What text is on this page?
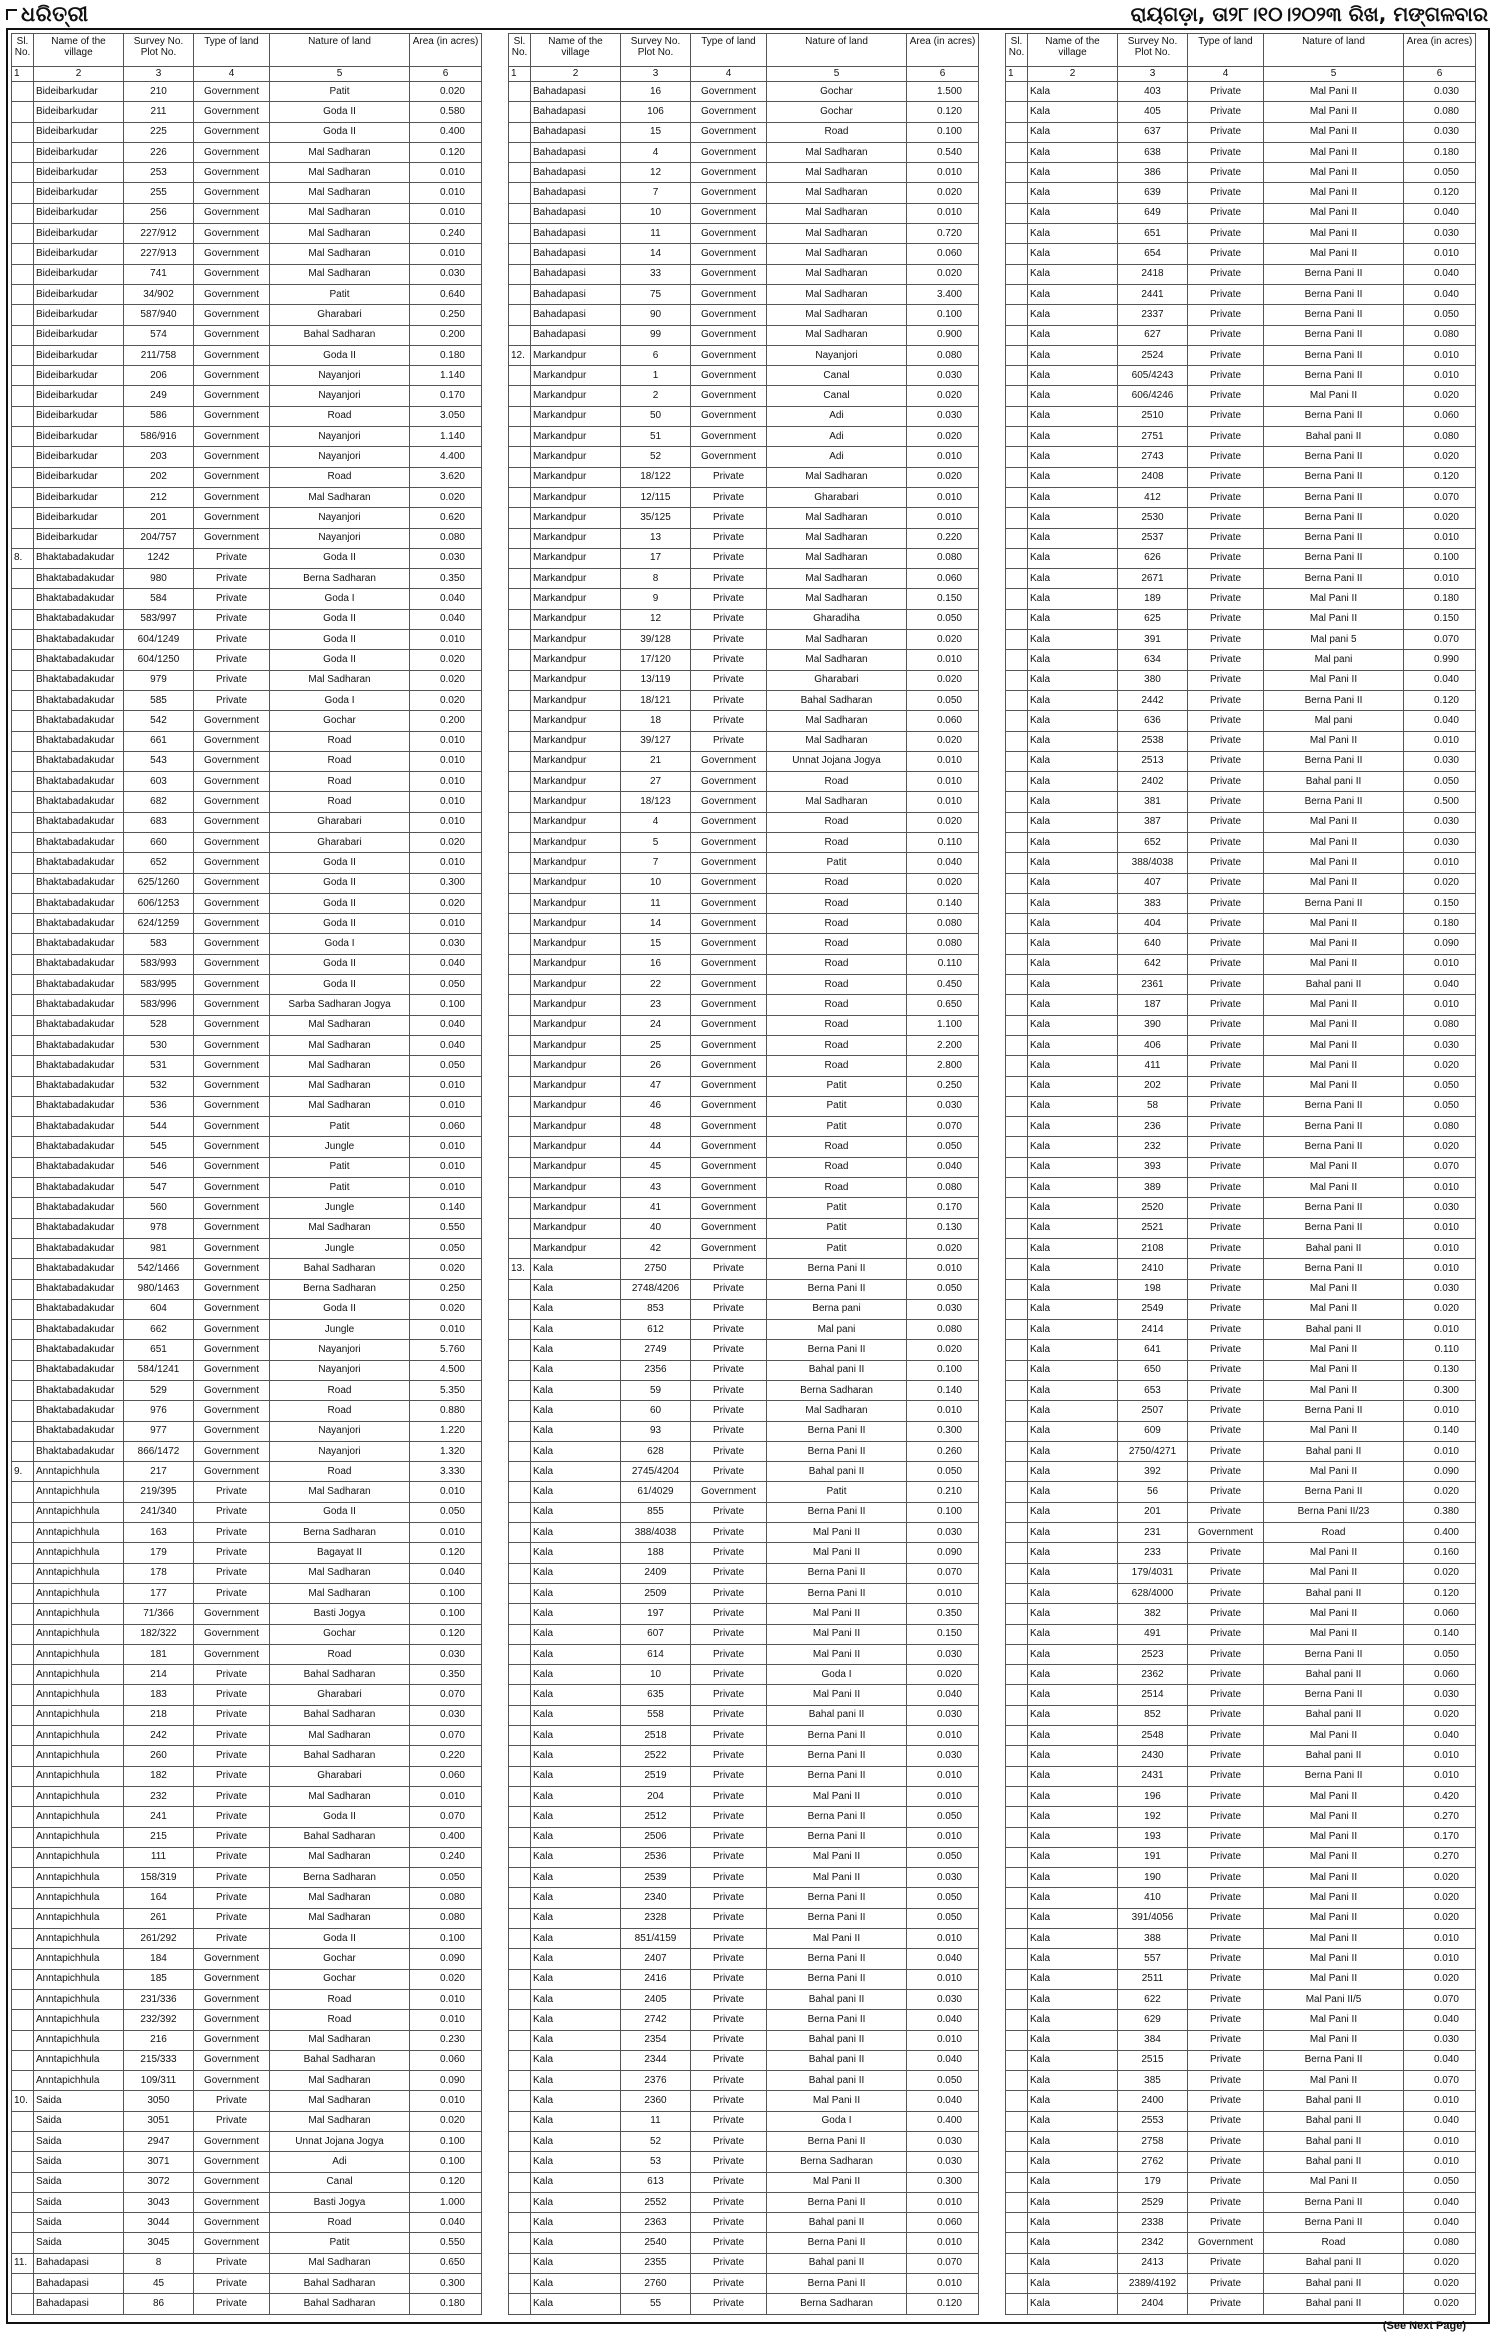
ଧରିତ୍ରୀ	ରାୟଗଡ଼ା, ତା୨୮।୧୦।୨୦୨୩ ରିଖ, ମଙ୍ଗଳବାର
Sl. No.	Name of the village	Survey No. Plot No.	Type of land	Nature of land	Area (in acres)
1	2	3	4	5	6
	Bideibarkudar	210	Government	Patit	0.020
	Bideibarkudar	211	Government	Goda II	0.580
	Bideibarkudar	225	Government	Goda II	0.400
	Bideibarkudar	226	Government	Mal Sadharan	0.120
	Bideibarkudar	253	Government	Mal Sadharan	0.010
	Bideibarkudar	255	Government	Mal Sadharan	0.010
	Bideibarkudar	256	Government	Mal Sadharan	0.010
	Bideibarkudar	227/912	Government	Mal Sadharan	0.240
	Bideibarkudar	227/913	Government	Mal Sadharan	0.010
	Bideibarkudar	741	Government	Mal Sadharan	0.030
	Bideibarkudar	34/902	Government	Patit	0.640
	Bideibarkudar	587/940	Government	Gharabari	0.250
	Bideibarkudar	574	Government	Bahal Sadharan	0.200
	Bideibarkudar	211/758	Government	Goda II	0.180
	Bideibarkudar	206	Government	Nayanjori	1.140
	Bideibarkudar	249	Government	Nayanjori	0.170
	Bideibarkudar	586	Government	Road	3.050
	Bideibarkudar	586/916	Government	Nayanjori	1.140
	Bideibarkudar	203	Government	Nayanjori	4.400
	Bideibarkudar	202	Government	Road	3.620
	Bideibarkudar	212	Government	Mal Sadharan	0.020
	Bideibarkudar	201	Government	Nayanjori	0.620
	Bideibarkudar	204/757	Government	Nayanjori	0.080
8.	Bhaktabadakudar	1242	Private	Goda II	0.030
	Bhaktabadakudar	980	Private	Berna Sadharan	0.350
	Bhaktabadakudar	584	Private	Goda I	0.040
	Bhaktabadakudar	583/997	Private	Goda II	0.040
	Bhaktabadakudar	604/1249	Private	Goda II	0.010
	Bhaktabadakudar	604/1250	Private	Goda II	0.020
	Bhaktabadakudar	979	Private	Mal Sadharan	0.020
	Bhaktabadakudar	585	Private	Goda I	0.020
	Bhaktabadakudar	542	Government	Gochar	0.200
	Bhaktabadakudar	661	Government	Road	0.010
	Bhaktabadakudar	543	Government	Road	0.010
	Bhaktabadakudar	603	Government	Road	0.010
	Bhaktabadakudar	682	Government	Road	0.010
	Bhaktabadakudar	683	Government	Gharabari	0.010
	Bhaktabadakudar	660	Government	Gharabari	0.020
	Bhaktabadakudar	652	Government	Goda II	0.010
	Bhaktabadakudar	625/1260	Government	Goda II	0.300
	Bhaktabadakudar	606/1253	Government	Goda II	0.020
	Bhaktabadakudar	624/1259	Government	Goda II	0.010
	Bhaktabadakudar	583	Government	Goda I	0.030
	Bhaktabadakudar	583/993	Government	Goda II	0.040
	Bhaktabadakudar	583/995	Government	Goda II	0.050
	Bhaktabadakudar	583/996	Government	Sarba Sadharan Jogya	0.100
	Bhaktabadakudar	528	Government	Mal Sadharan	0.040
	Bhaktabadakudar	530	Government	Mal Sadharan	0.040
	Bhaktabadakudar	531	Government	Mal Sadharan	0.050
	Bhaktabadakudar	532	Government	Mal Sadharan	0.010
	Bhaktabadakudar	536	Government	Mal Sadharan	0.010
	Bhaktabadakudar	544	Government	Patit	0.060
	Bhaktabadakudar	545	Government	Jungle	0.010
	Bhaktabadakudar	546	Government	Patit	0.010
	Bhaktabadakudar	547	Government	Patit	0.010
	Bhaktabadakudar	560	Government	Jungle	0.140
	Bhaktabadakudar	978	Government	Mal Sadharan	0.550
	Bhaktabadakudar	981	Government	Jungle	0.050
	Bhaktabadakudar	542/1466	Government	Bahal Sadharan	0.020
	Bhaktabadakudar	980/1463	Government	Berna Sadharan	0.250
	Bhaktabadakudar	604	Government	Goda II	0.020
	Bhaktabadakudar	662	Government	Jungle	0.010
	Bhaktabadakudar	651	Government	Nayanjori	5.760
	Bhaktabadakudar	584/1241	Government	Nayanjori	4.500
	Bhaktabadakudar	529	Government	Road	5.350
	Bhaktabadakudar	976	Government	Road	0.880
	Bhaktabadakudar	977	Government	Nayanjori	1.220
	Bhaktabadakudar	866/1472	Government	Nayanjori	1.320
9.	Anntapichhula	217	Government	Road	3.330
	Anntapichhula	219/395	Private	Mal Sadharan	0.010
	Anntapichhula	241/340	Private	Goda II	0.050
	Anntapichhula	163	Private	Berna Sadharan	0.010
	Anntapichhula	179	Private	Bagayat II	0.120
	Anntapichhula	178	Private	Mal Sadharan	0.040
	Anntapichhula	177	Private	Mal Sadharan	0.100
	Anntapichhula	71/366	Government	Basti Jogya	0.100
	Anntapichhula	182/322	Government	Gochar	0.120
	Anntapichhula	181	Government	Road	0.030
	Anntapichhula	214	Private	Bahal Sadharan	0.350
	Anntapichhula	183	Private	Gharabari	0.070
	Anntapichhula	218	Private	Bahal Sadharan	0.030
	Anntapichhula	242	Private	Mal Sadharan	0.070
	Anntapichhula	260	Private	Bahal Sadharan	0.220
	Anntapichhula	182	Private	Gharabari	0.060
	Anntapichhula	232	Private	Mal Sadharan	0.010
	Anntapichhula	241	Private	Goda II	0.070
	Anntapichhula	215	Private	Bahal Sadharan	0.400
	Anntapichhula	111	Private	Mal Sadharan	0.240
	Anntapichhula	158/319	Private	Berna Sadharan	0.050
	Anntapichhula	164	Private	Mal Sadharan	0.080
	Anntapichhula	261	Private	Mal Sadharan	0.080
	Anntapichhula	261/292	Private	Goda II	0.100
	Anntapichhula	184	Government	Gochar	0.090
	Anntapichhula	185	Government	Gochar	0.020
	Anntapichhula	231/336	Government	Road	0.010
	Anntapichhula	232/392	Government	Road	0.010
	Anntapichhula	216	Government	Mal Sadharan	0.230
	Anntapichhula	215/333	Government	Bahal Sadharan	0.060
	Anntapichhula	109/311	Government	Mal Sadharan	0.090
10.	Saida	3050	Private	Mal Sadharan	0.010
	Saida	3051	Private	Mal Sadharan	0.020
	Saida	2947	Government	Unnat Jojana Jogya	0.100
	Saida	3071	Government	Adi	0.100
	Saida	3072	Government	Canal	0.120
	Saida	3043	Government	Basti Jogya	1.000
	Saida	3044	Government	Road	0.040
	Saida	3045	Government	Patit	0.550
11.	Bahadapasi	8	Private	Mal Sadharan	0.650
	Bahadapasi	45	Private	Bahal Sadharan	0.300
	Bahadapasi	86	Private	Bahal Sadharan	0.180
Sl. No.	Name of the village	Survey No. Plot No.	Type of land	Nature of land	Area (in acres)
1	2	3	4	5	6
	Bahadapasi	16	Government	Gochar	1.500
	Bahadapasi	106	Government	Gochar	0.120
	Bahadapasi	15	Government	Road	0.100
	Bahadapasi	4	Government	Mal Sadharan	0.540
	Bahadapasi	12	Government	Mal Sadharan	0.010
	Bahadapasi	7	Government	Mal Sadharan	0.020
	Bahadapasi	10	Government	Mal Sadharan	0.010
	Bahadapasi	11	Government	Mal Sadharan	0.720
	Bahadapasi	14	Government	Mal Sadharan	0.060
	Bahadapasi	33	Government	Mal Sadharan	0.020
	Bahadapasi	75	Government	Mal Sadharan	3.400
	Bahadapasi	90	Government	Mal Sadharan	0.100
	Bahadapasi	99	Government	Mal Sadharan	0.900
12.	Markandpur	6	Government	Nayanjori	0.080
	Markandpur	1	Government	Canal	0.030
	Markandpur	2	Government	Canal	0.020
	Markandpur	50	Government	Adi	0.030
	Markandpur	51	Government	Adi	0.020
	Markandpur	52	Government	Adi	0.010
	Markandpur	18/122	Private	Mal Sadharan	0.020
	Markandpur	12/115	Private	Gharabari	0.010
	Markandpur	35/125	Private	Mal Sadharan	0.010
	Markandpur	13	Private	Mal Sadharan	0.220
	Markandpur	17	Private	Mal Sadharan	0.080
	Markandpur	8	Private	Mal Sadharan	0.060
	Markandpur	9	Private	Mal Sadharan	0.150
	Markandpur	12	Private	Gharadiha	0.050
	Markandpur	39/128	Private	Mal Sadharan	0.020
	Markandpur	17/120	Private	Mal Sadharan	0.010
	Markandpur	13/119	Private	Gharabari	0.020
	Markandpur	18/121	Private	Bahal Sadharan	0.050
	Markandpur	18	Private	Mal Sadharan	0.060
	Markandpur	39/127	Private	Mal Sadharan	0.020
	Markandpur	21	Government	Unnat Jojana Jogya	0.010
	Markandpur	27	Government	Road	0.010
	Markandpur	18/123	Government	Mal Sadharan	0.010
	Markandpur	4	Government	Road	0.020
	Markandpur	5	Government	Road	0.110
	Markandpur	7	Government	Patit	0.040
	Markandpur	10	Government	Road	0.020
	Markandpur	11	Government	Road	0.140
	Markandpur	14	Government	Road	0.080
	Markandpur	15	Government	Road	0.080
	Markandpur	16	Government	Road	0.110
	Markandpur	22	Government	Road	0.450
	Markandpur	23	Government	Road	0.650
	Markandpur	24	Government	Road	1.100
	Markandpur	25	Government	Road	2.200
	Markandpur	26	Government	Road	2.800
	Markandpur	47	Government	Patit	0.250
	Markandpur	46	Government	Patit	0.030
	Markandpur	48	Government	Patit	0.070
	Markandpur	44	Government	Road	0.050
	Markandpur	45	Government	Road	0.040
	Markandpur	43	Government	Road	0.080
	Markandpur	41	Government	Patit	0.170
	Markandpur	40	Government	Patit	0.130
	Markandpur	42	Government	Patit	0.020
13.	Kala	2750	Private	Berna Pani II	0.010
	Kala	2748/4206	Private	Berna Pani II	0.050
	Kala	853	Private	Berna pani	0.030
	Kala	612	Private	Mal pani	0.080
	Kala	2749	Private	Berna Pani II	0.020
	Kala	2356	Private	Bahal pani II	0.100
	Kala	59	Private	Berna Sadharan	0.140
	Kala	60	Private	Mal Sadharan	0.010
	Kala	93	Private	Berna Pani II	0.300
	Kala	628	Private	Berna Pani II	0.260
	Kala	2745/4204	Private	Bahal pani II	0.050
	Kala	61/4029	Government	Patit	0.210
	Kala	855	Private	Berna Pani II	0.100
	Kala	388/4038	Private	Mal Pani II	0.030
	Kala	188	Private	Mal Pani II	0.090
	Kala	2409	Private	Berna Pani II	0.070
	Kala	2509	Private	Berna Pani II	0.010
	Kala	197	Private	Mal Pani II	0.350
	Kala	607	Private	Mal Pani II	0.150
	Kala	614	Private	Mal Pani II	0.030
	Kala	10	Private	Goda I	0.020
	Kala	635	Private	Mal Pani II	0.040
	Kala	558	Private	Bahal pani II	0.030
	Kala	2518	Private	Berna Pani II	0.010
	Kala	2522	Private	Berna Pani II	0.030
	Kala	2519	Private	Berna Pani II	0.010
	Kala	204	Private	Mal Pani II	0.010
	Kala	2512	Private	Berna Pani II	0.050
	Kala	2506	Private	Berna Pani II	0.010
	Kala	2536	Private	Mal Pani II	0.050
	Kala	2539	Private	Mal Pani II	0.030
	Kala	2340	Private	Berna Pani II	0.050
	Kala	2328	Private	Berna Pani II	0.050
	Kala	851/4159	Private	Mal Pani II	0.010
	Kala	2407	Private	Berna Pani II	0.040
	Kala	2416	Private	Berna Pani II	0.010
	Kala	2405	Private	Bahal pani II	0.030
	Kala	2742	Private	Berna Pani II	0.040
	Kala	2354	Private	Bahal pani II	0.010
	Kala	2344	Private	Bahal pani II	0.040
	Kala	2376	Private	Bahal pani II	0.050
	Kala	2360	Private	Mal Pani II	0.040
	Kala	11	Private	Goda I	0.400
	Kala	52	Private	Berna Pani II	0.030
	Kala	53	Private	Berna Sadharan	0.030
	Kala	613	Private	Mal Pani II	0.300
	Kala	2552	Private	Berna Pani II	0.010
	Kala	2363	Private	Bahal pani II	0.060
	Kala	2540	Private	Berna Pani II	0.010
	Kala	2355	Private	Bahal pani II	0.070
	Kala	2760	Private	Berna Pani II	0.010
	Kala	55	Private	Berna Sadharan	0.120
Sl. No.	Name of the village	Survey No. Plot No.	Type of land	Nature of land	Area (in acres)
1	2	3	4	5	6
	Kala	403	Private	Mal Pani II	0.030
	Kala	405	Private	Mal Pani II	0.080
	Kala	637	Private	Mal Pani II	0.030
	Kala	638	Private	Mal Pani II	0.180
	Kala	386	Private	Mal Pani II	0.050
	Kala	639	Private	Mal Pani II	0.120
	Kala	649	Private	Mal Pani II	0.040
	Kala	651	Private	Mal Pani II	0.030
	Kala	654	Private	Mal Pani II	0.010
	Kala	2418	Private	Berna Pani II	0.040
	Kala	2441	Private	Berna Pani II	0.040
	Kala	2337	Private	Berna Pani II	0.050
	Kala	627	Private	Berna Pani II	0.080
	Kala	2524	Private	Berna Pani II	0.010
	Kala	605/4243	Private	Berna Pani II	0.010
	Kala	606/4246	Private	Mal Pani II	0.020
	Kala	2510	Private	Berna Pani II	0.060
	Kala	2751	Private	Bahal pani II	0.080
	Kala	2743	Private	Berna Pani II	0.020
	Kala	2408	Private	Berna Pani II	0.120
	Kala	412	Private	Berna Pani II	0.070
	Kala	2530	Private	Berna Pani II	0.020
	Kala	2537	Private	Berna Pani II	0.010
	Kala	626	Private	Berna Pani II	0.100
	Kala	2671	Private	Berna Pani II	0.010
	Kala	189	Private	Mal Pani II	0.180
	Kala	625	Private	Mal Pani II	0.150
	Kala	391	Private	Mal pani 5	0.070
	Kala	634	Private	Mal pani	0.990
	Kala	380	Private	Mal Pani II	0.040
	Kala	2442	Private	Berna Pani II	0.120
	Kala	636	Private	Mal pani	0.040
	Kala	2538	Private	Mal Pani II	0.010
	Kala	2513	Private	Berna Pani II	0.030
	Kala	2402	Private	Bahal pani II	0.050
	Kala	381	Private	Berna Pani II	0.500
	Kala	387	Private	Mal Pani II	0.030
	Kala	652	Private	Mal Pani II	0.030
	Kala	388/4038	Private	Mal Pani II	0.010
	Kala	407	Private	Mal Pani II	0.020
	Kala	383	Private	Berna Pani II	0.150
	Kala	404	Private	Mal Pani II	0.180
	Kala	640	Private	Mal Pani II	0.090
	Kala	642	Private	Mal Pani II	0.010
	Kala	2361	Private	Bahal pani II	0.040
	Kala	187	Private	Mal Pani II	0.010
	Kala	390	Private	Mal Pani II	0.080
	Kala	406	Private	Mal Pani II	0.030
	Kala	411	Private	Mal Pani II	0.020
	Kala	202	Private	Mal Pani II	0.050
	Kala	58	Private	Berna Pani II	0.050
	Kala	236	Private	Berna Pani II	0.080
	Kala	232	Private	Berna Pani II	0.020
	Kala	393	Private	Mal Pani II	0.070
	Kala	389	Private	Mal Pani II	0.010
	Kala	2520	Private	Berna Pani II	0.030
	Kala	2521	Private	Berna Pani II	0.010
	Kala	2108	Private	Bahal pani II	0.010
	Kala	2410	Private	Berna Pani II	0.010
	Kala	198	Private	Mal Pani II	0.030
	Kala	2549	Private	Mal Pani II	0.020
	Kala	2414	Private	Bahal pani II	0.010
	Kala	641	Private	Mal Pani II	0.110
	Kala	650	Private	Mal Pani II	0.130
	Kala	653	Private	Mal Pani II	0.300
	Kala	2507	Private	Berna Pani II	0.010
	Kala	609	Private	Mal Pani II	0.140
	Kala	2750/4271	Private	Bahal pani II	0.010
	Kala	392	Private	Mal Pani II	0.090
	Kala	56	Private	Berna Pani II	0.020
	Kala	201	Private	Berna Pani II/23	0.380
	Kala	231	Government	Road	0.400
	Kala	233	Private	Mal Pani II	0.160
	Kala	179/4031	Private	Mal Pani II	0.020
	Kala	628/4000	Private	Bahal pani II	0.120
	Kala	382	Private	Mal Pani II	0.060
	Kala	491	Private	Mal Pani II	0.140
	Kala	2523	Private	Berna Pani II	0.050
	Kala	2362	Private	Bahal pani II	0.060
	Kala	2514	Private	Berna Pani II	0.030
	Kala	852	Private	Bahal pani II	0.020
	Kala	2548	Private	Mal Pani II	0.040
	Kala	2430	Private	Bahal pani II	0.010
	Kala	2431	Private	Berna Pani II	0.010
	Kala	196	Private	Mal Pani II	0.420
	Kala	192	Private	Mal Pani II	0.270
	Kala	193	Private	Mal Pani II	0.170
	Kala	191	Private	Mal Pani II	0.270
	Kala	190	Private	Mal Pani II	0.020
	Kala	410	Private	Mal Pani II	0.020
	Kala	391/4056	Private	Mal Pani II	0.020
	Kala	388	Private	Mal Pani II	0.010
	Kala	557	Private	Mal Pani II	0.010
	Kala	2511	Private	Mal Pani II	0.020
	Kala	622	Private	Mal Pani II/5	0.070
	Kala	629	Private	Mal Pani II	0.040
	Kala	384	Private	Mal Pani II	0.030
	Kala	2515	Private	Berna Pani II	0.040
	Kala	385	Private	Mal Pani II	0.070
	Kala	2400	Private	Bahal pani II	0.010
	Kala	2553	Private	Bahal pani II	0.040
	Kala	2758	Private	Bahal pani II	0.010
	Kala	2762	Private	Bahal pani II	0.010
	Kala	179	Private	Mal Pani II	0.050
	Kala	2529	Private	Berna Pani II	0.040
	Kala	2338	Private	Berna Pani II	0.040
	Kala	2342	Government	Road	0.080
	Kala	2413	Private	Bahal pani II	0.020
	Kala	2389/4192	Private	Bahal pani II	0.020
	Kala	2404	Private	Bahal pani II	0.020
(See Next Page)
